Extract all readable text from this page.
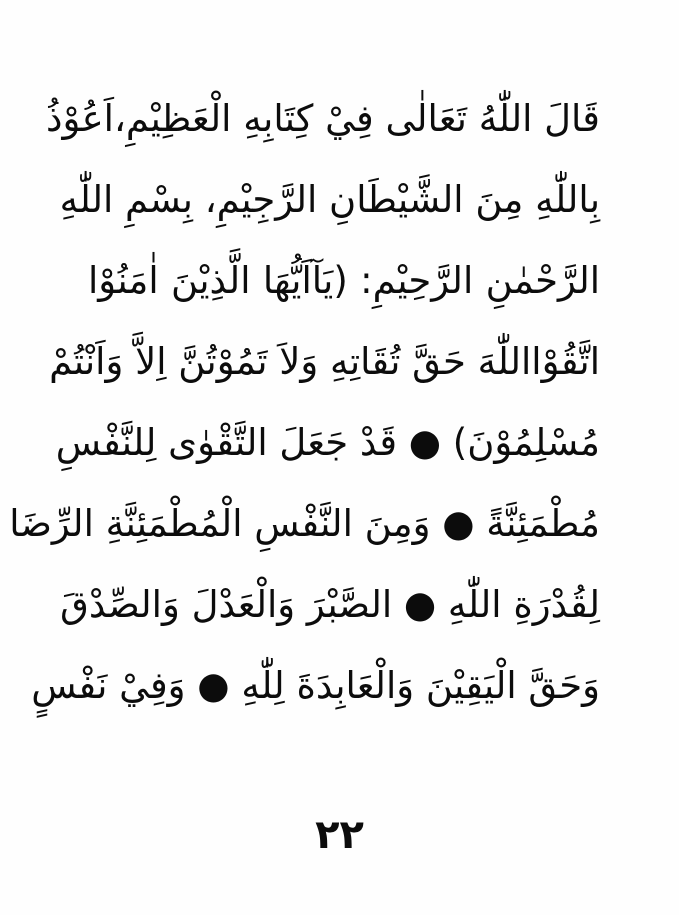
قَالَ اللّٰهُ تَعَالٰى فِيْ كِتَابِهِ الْعَظِيْمِ،اَعُوْذُ
بِاللّٰهِ مِنَ الشَّيْطَانِ الرَّجِيْمِ، بِسْمِ اللّٰهِ
الرَّحْمٰنِ الرَّحِيْمِ: (يَآاَيُّهَا الَّذِيْنَ اٰمَنُوْا
اتَّقُوْااللّٰهَ حَقَّ تُقَاتِهِ وَلاَ تَمُوْتُنَّ اِلاَّ وَاَنْتُمْ
مُسْلِمُوْنَ) ● قَدْ جَعَلَ التَّقْوٰى لِلنَّفْسِ
مُطْمَئِنَّةً ● وَمِنَ النَّفْسِ الْمُطْمَئِنَّةِ الرِّضَا
لِقُدْرَةِ اللّٰهِ ● الصَّبْرَ وَالْعَدْلَ وَالصِّدْقَ
وَحَقَّ الْيَقِيْنَ وَالْعَابِدَةَ لِلّٰهِ ● وَفِيْ نَفْسٍ
٢٢
